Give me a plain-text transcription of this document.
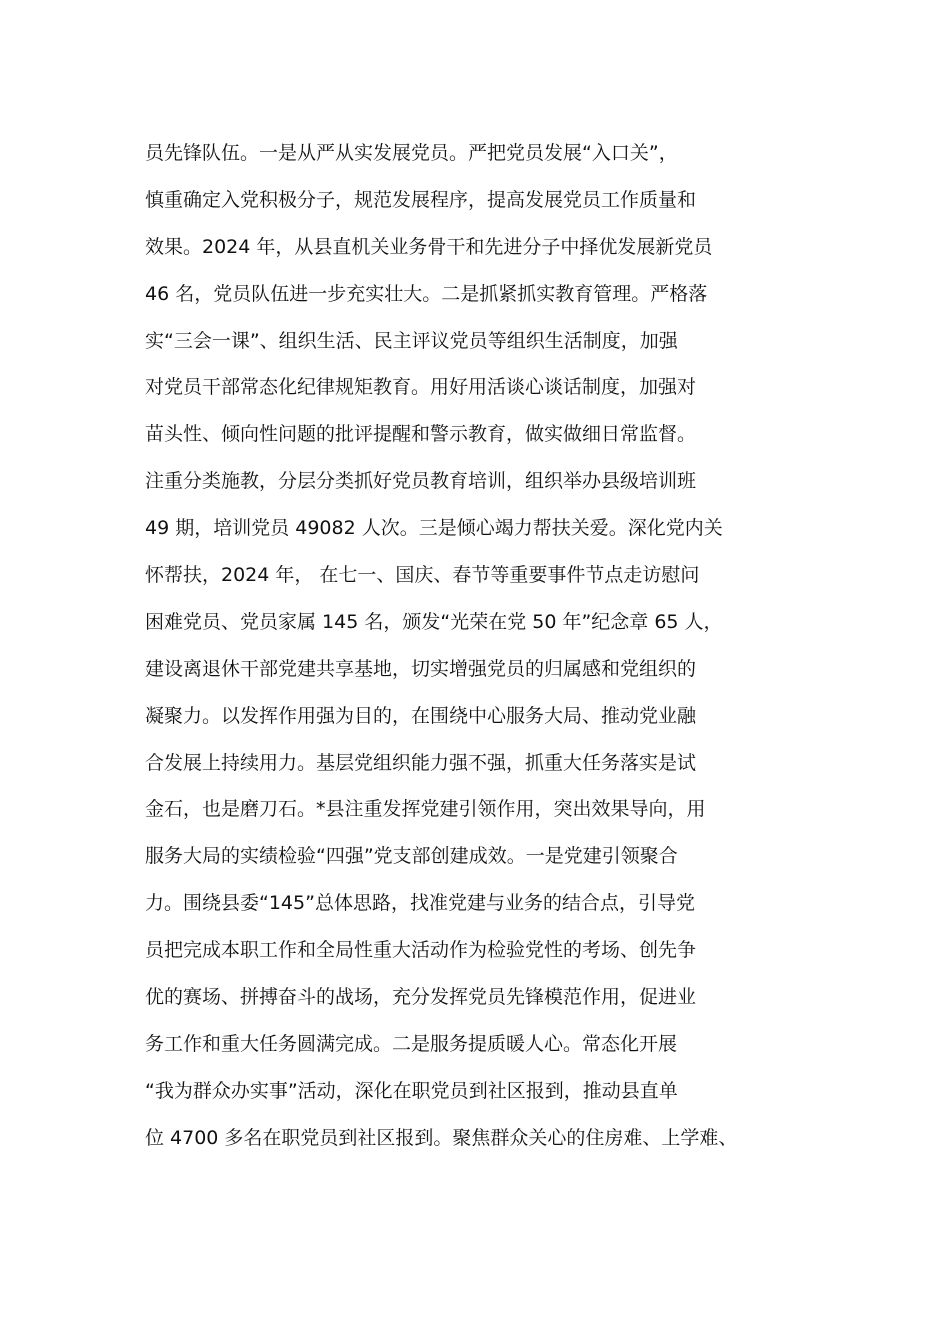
员先锋队伍。一是从严从实发展党员。严把党员发展“入口关”，
慎重确定入党积极分子，规范发展程序，提高发展党员工作质量和
效果。2024 年，从县直机关业务骨干和先进分子中择优发展新党员
46 名，党员队伍进一步充实壮大。二是抓紧抓实教育管理。严格落
实“三会一课”、组织生活、民主评议党员等组织生活制度，加强
对党员干部常态化纪律规矩教育。用好用活谈心谈话制度，加强对
苗头性、倾向性问题的批评提醒和警示教育，做实做细日常监督。
注重分类施教，分层分类抓好党员教育培训，组织举办县级培训班
49 期，培训党员 49082 人次。三是倾心竭力帮扶关爱。深化党内关
怀帮扶，2024 年， 在七一、国庆、春节等重要事件节点走访慰问
困难党员、党员家属 145 名，颁发“光荣在党 50 年”纪念章 65 人，
建设离退休干部党建共享基地，切实增强党员的归属感和党组织的
凝聚力。以发挥作用强为目的，在围绕中心服务大局、推动党业融
合发展上持续用力。基层党组织能力强不强，抓重大任务落实是试
金石，也是磨刀石。*县注重发挥党建引领作用，突出效果导向，用
服务大局的实绩检验“四强”党支部创建成效。一是党建引领聚合
力。围绕县委“145”总体思路，找准党建与业务的结合点，引导党
员把完成本职工作和全局性重大活动作为检验党性的考场、创先争
优的赛场、拼搏奋斗的战场，充分发挥党员先锋模范作用，促进业
务工作和重大任务圆满完成。二是服务提质暖人心。常态化开展
“我为群众办实事”活动，深化在职党员到社区报到，推动县直单
位 4700 多名在职党员到社区报到。聚焦群众关心的住房难、上学难、
